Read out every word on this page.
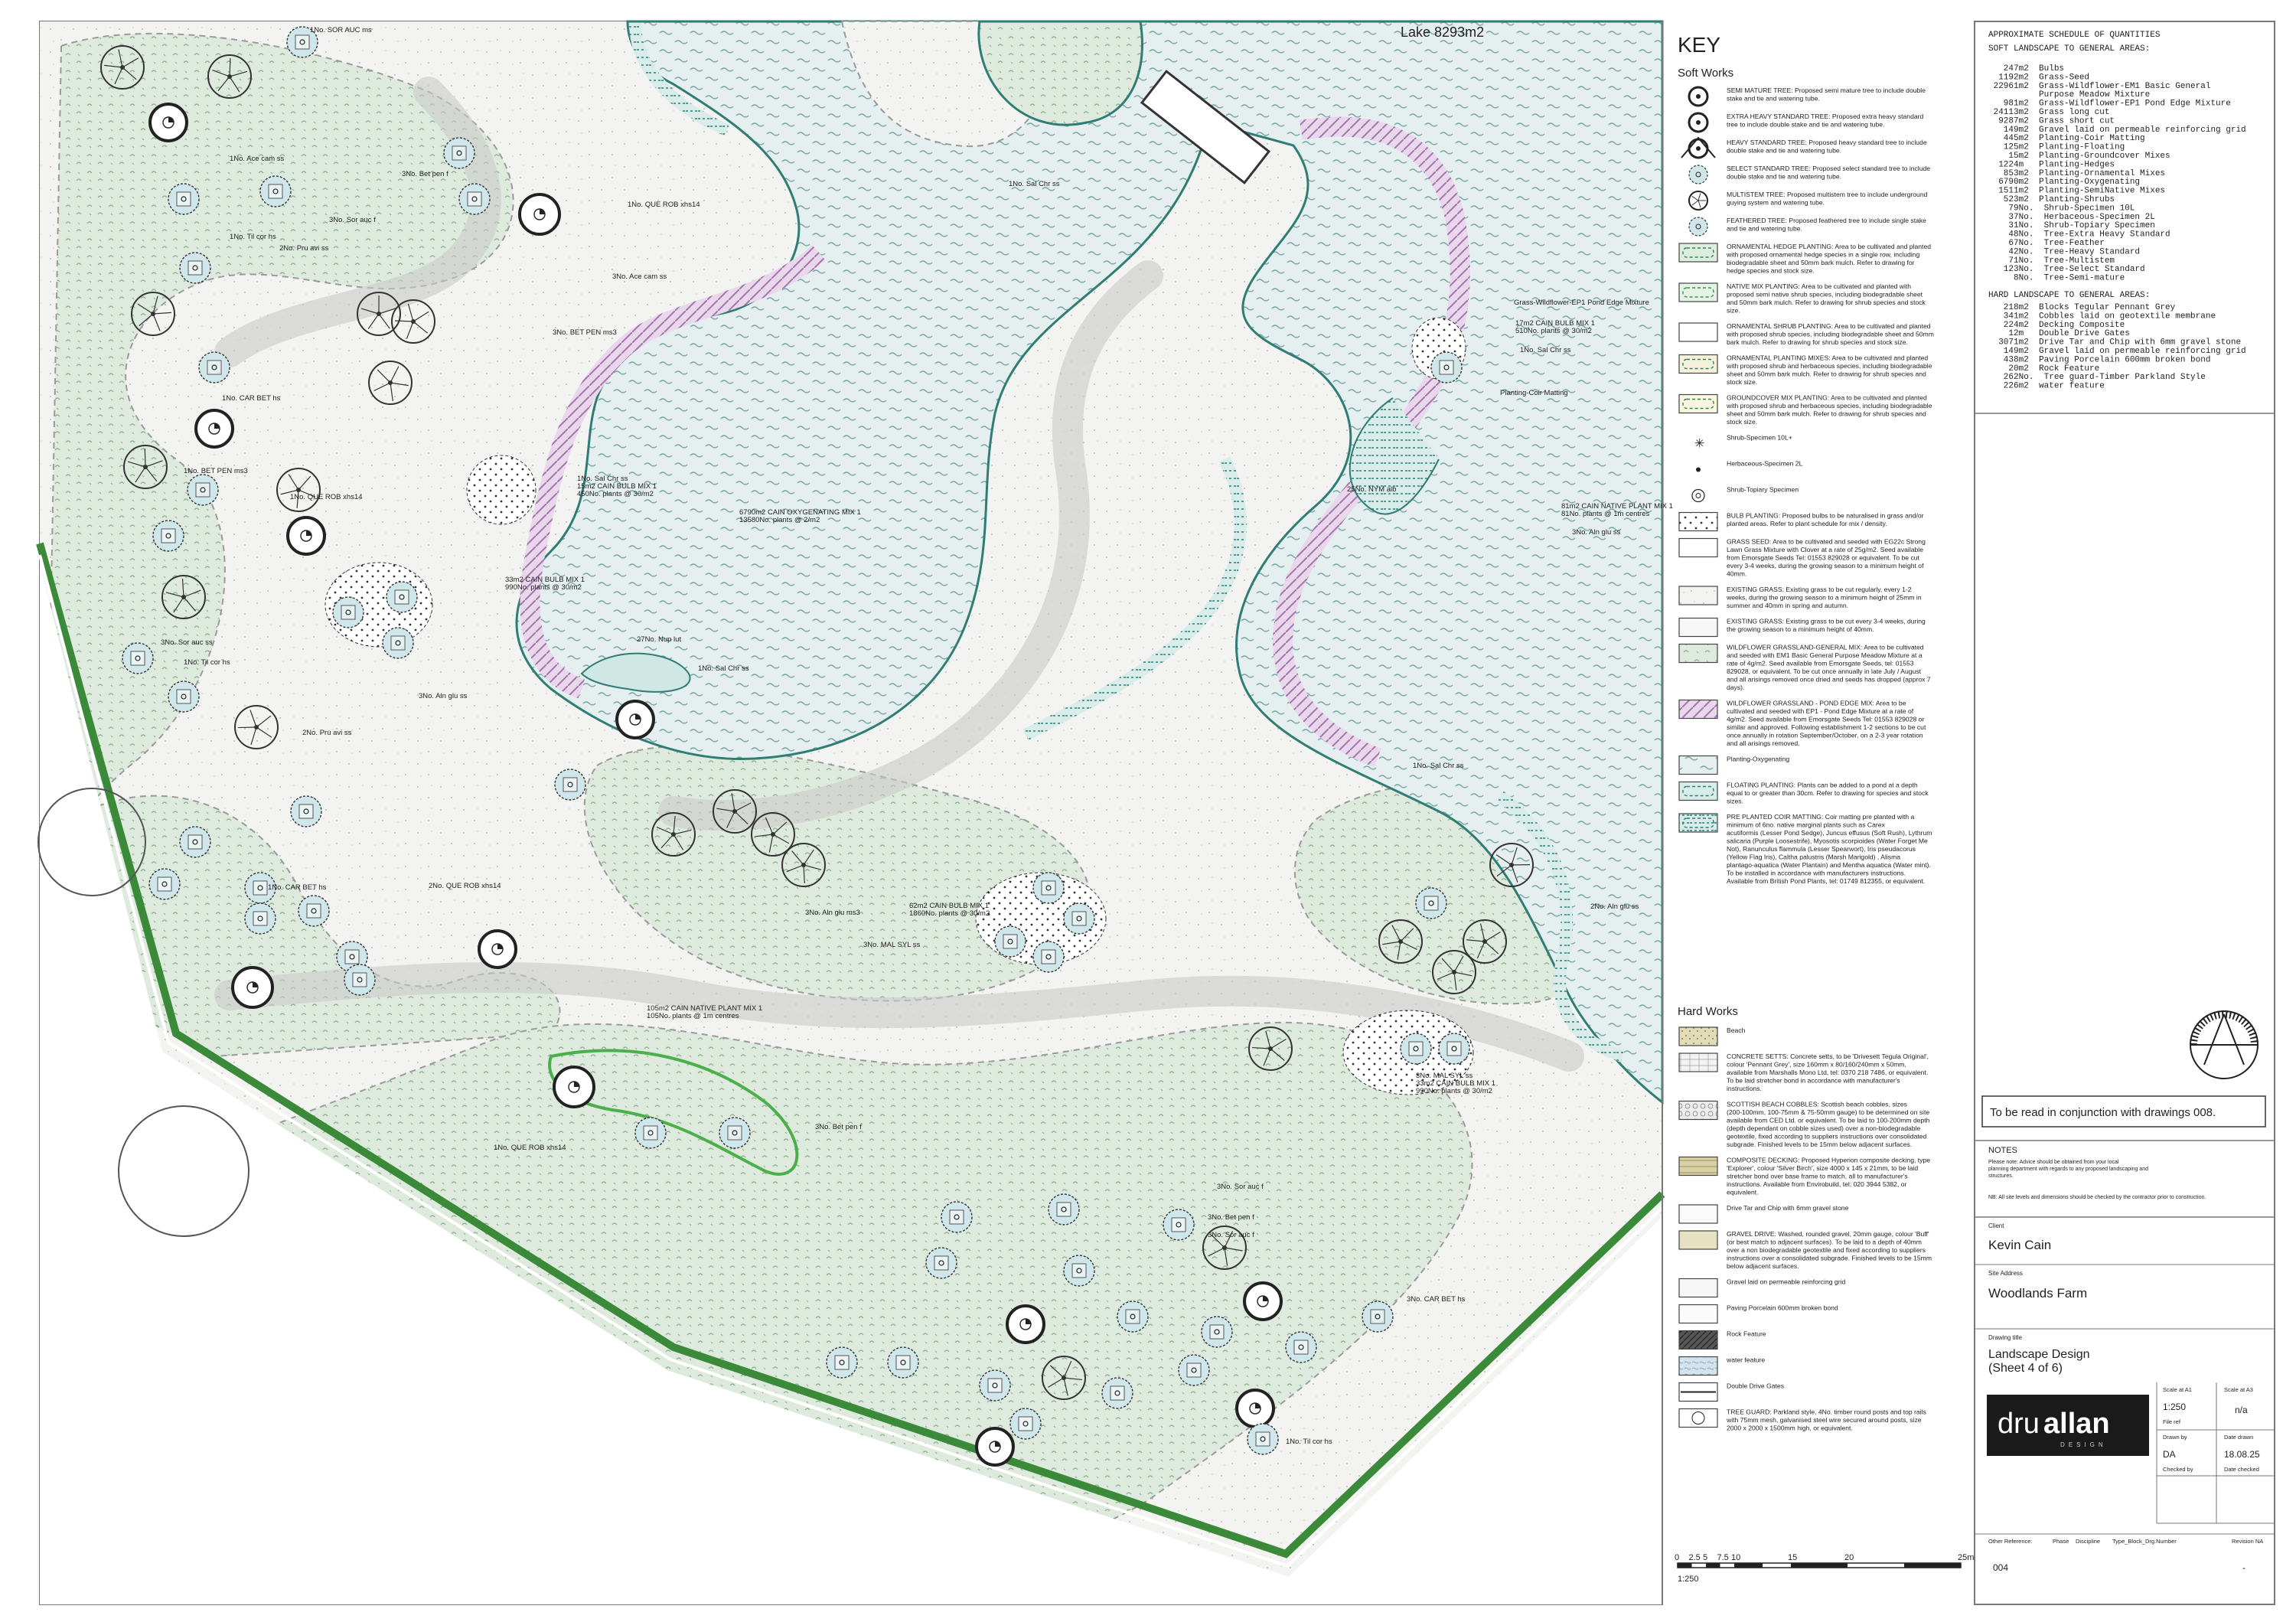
Lake 8293m2
1No. SOR AUC ms
1No. Ace cam ss
3No. Bet pen f
1No. QUE ROB xhs14
3No. Sor auc f
1No. Til cor hs
2No. Pru avi ss
3No. Ace cam ss
3No. BET PEN ms3
1No. CAR BET hs
1No. BET PEN ms3
1No. QUE ROB xhs14
3No. Sor auc ss
1No. Til cor hs
2No. Pru avi ss
1No. CAR BET hs	2No. QUE ROB xhs14
3No. Aln glu ss
1No. Sal Chr ss
15m2 CAIN BULB MIX 1
450No. plants @ 30/m2
33m2 CAIN BULB MIX 1
990No. plants @ 30/m2
27No. Nup lut
1No. Sal Chr ss
6790m2 CAIN OXYGENATING MIX 1
13580No. plants @ 2/m2
3No. Aln glu ms3
62m2 CAIN BULB MIX 1
1860No. plants @ 30/m2
3No. MAL SYL ss
1No. Sal Chr ss
Grass-Wildflower-EP1 Pond Edge Mixture
17m2 CAIN BULB MIX 1
510No. plants @ 30/m2
1No. Sal Chr ss
Planting-Coir Matting
25No. NYM alb
81m2 CAIN NATIVE PLANT MIX 1
81No. plants @ 1m centres
3No. Aln glu ss
1No. Sal Chr ss
2No. Aln glu ss
105m2 CAIN NATIVE PLANT MIX 1
105No. plants @ 1m centres
3No. Bet pen f
1No. QUE ROB xhs14
3No. MAL SYL ss
33m2 CAIN BULB MIX 1
990No. plants @ 30/m2
3No. Sor auc f
3No. Bet pen f
3No. Sor auc f
3No. CAR BET hs
1No. Til cor hs
KEY
Soft Works
SEMI MATURE TREE: Proposed semi mature tree to include double
stake and tie and watering tube.
EXTRA HEAVY STANDARD TREE: Proposed extra heavy standard
tree to include double stake and tie and watering tube.
HEAVY STANDARD TREE: Proposed heavy standard tree to include
double stake and tie and watering tube.
SELECT STANDARD TREE: Proposed select standard tree to include
double stake and tie and watering tube.
MULTISTEM TREE: Proposed multistem tree to include underground
guying system and watering tube.
FEATHERED TREE: Proposed feathered tree to include single stake
and tie and watering tube.
ORNAMENTAL HEDGE PLANTING: Area to be cultivated and planted
with proposed ornamental hedge species in a single row, including
biodegradable sheet and 50mm bark mulch. Refer to drawing for
hedge species and stock size.
NATIVE MIX PLANTING: Area to be cultivated and planted with
proposed semi native shrub species, including biodegradable sheet
and 50mm bark mulch. Refer to drawing for shrub species and stock
size.
ORNAMENTAL SHRUB PLANTING: Area to be cultivated and planted
with proposed shrub species, including biodegradable sheet and 50mm
bark mulch. Refer to drawing for shrub species and stock size.
ORNAMENTAL PLANTING MIXES: Area to be cultivated and planted
with proposed shrub and herbaceous species, including biodegradable
sheet and 50mm bark mulch. Refer to drawing for shrub species and
stock size.
GROUNDCOVER MIX PLANTING: Area to be cultivated and planted
with proposed shrub and herbaceous species, including biodegradable
sheet and 50mm bark mulch. Refer to drawing for shrub species and
stock size.
✳	Shrub-Specimen 10L+
Herbaceous-Specimen 2L
Shrub-Topiary Specimen
BULB PLANTING: Proposed bulbs to be naturalised in grass and/or
planted areas. Refer to plant schedule for mix / density.
GRASS SEED: Area to be cultivated and seeded with EG22c Strong
Lawn Grass Mixture with Clover at a rate of 25g/m2. Seed available
from Emorsgate Seeds Tel: 01553 829028 or equivalent. To be cut
every 3-4 weeks, during the growing season to a minimum height of
40mm.
EXISTING GRASS: Existing grass to be cut regularly, every 1-2
weeks, during the growing season to a minimum height of 25mm in
summer and 40mm in spring and autumn.
EXISTING GRASS: Existing grass to be cut every 3-4 weeks, during
the growing season to a minimum height of 40mm.
WILDFLOWER GRASSLAND-GENERAL MIX: Area to be cultivated
and seeded with EM1 Basic General Purpose Meadow Mixture at a
rate of 4g/m2. Seed available from Emorsgate Seeds, tel: 01553
829028, or equivalent. To be cut once annually in late July / August
and all arisings removed once dried and seeds has dropped (approx 7
days).
WILDFLOWER GRASSLAND - POND EDGE MIX: Area to be
cultivated and seeded with EP1 - Pond Edge Mixture at a rate of
4g/m2. Seed available from Emorsgate Seeds Tel: 01553 829028 or
similar and approved. Following establishment 1-2 sections to be cut
once annually in rotation September/October, on a 2-3 year rotation
and all arisings removed.
Planting-Oxygenating
FLOATING PLANTING: Plants can be added to a pond at a depth
equal to or greater than 30cm. Refer to drawing for species and stock
sizes.
PRE PLANTED COIR MATTING: Coir matting pre planted with a
minimum of 6no. native marginal plants such as Carex
acutiformis (Lesser Pond Sedge), Juncus effusus (Soft Rush), Lythrum
salicaria (Purple Loosestrife), Myosotis scorpioides (Water Forget Me
Not), Ranunculus flammula (Lesser Spearwort), Iris pseudacorus
(Yellow Flag Iris), Caltha palustris (Marsh Marigold) , Alisma
plantago-aquatica (Water Plantain) and Mentha aquatica (Water mint).
To be installed in accordance with manufacturers instructions.
Available from British Pond Plants, tel: 01749 812355, or equivalent.
Hard Works
Beach
CONCRETE SETTS: Concrete setts, to be 'Drivesett Tegula Original',
colour 'Pennant Grey', size 160mm x 80/160/240mm x 50mm,
available from Marshalls Mono Ltd, tel: 0370 218 7486, or equivalent.
To be laid stretcher bond in accordance with manufacturer's
instructions.
SCOTTISH BEACH COBBLES: Scottish beach cobbles, sizes
(200-100mm, 100-75mm & 75-50mm gauge) to be determined on site
available from CED Ltd. or equivalent. To be laid to 100-200mm depth
(depth dependant on cobble sizes used) over a non-biodegradable
geotextile, fixed according to suppliers instructions over consolidated
subgrade. Finished levels to be 15mm below adjacent surfaces.
COMPOSITE DECKING: Proposed Hyperion composite decking, type
'Explorer', colour 'Silver Birch', size 4000 x 145 x 21mm, to be laid
stretcher bond over base frame to match, all to manufacturer's
instructions. Available from Envirobuild, tel: 020 3944 5382, or
equivalent.
Drive Tar and Chip with 6mm gravel stone
GRAVEL DRIVE: Washed, rounded gravel, 20mm gauge, colour 'Buff'
(or best match to adjacent surfaces). To be laid to a depth of 40mm
over a non biodegradable geotextile and fixed according to suppliers
instructions over a consolidated subgrade. Finished levels to be 15mm
below adjacent surfaces.
Gravel laid on permeable reinforcing grid
Paving Porcelain 600mm broken bond
Rock Feature
water feature
Double Drive Gates
TREE GUARD: Parkland style, 4No. timber round posts and top rails
with 75mm mesh, galvanised steel wire secured around posts, size
2000 x 2000 x 1500mm high, or equivalent.
0 2.5 5 7.5 10	15	20	25m
1:250
APPROXIMATE SCHEDULE OF QUANTITIES
SOFT LANDSCAPE TO GENERAL AREAS:
247m2  Bulbs
1192m2  Grass-Seed
22961m2  Grass-Wildflower-EM1 Basic General
Purpose Meadow Mixture
981m2  Grass-Wildflower-EP1 Pond Edge Mixture
24113m2  Grass long cut
9287m2  Grass short cut
149m2  Gravel laid on permeable reinforcing grid
445m2  Planting-Coir Matting
125m2  Planting-Floating
15m2  Planting-Groundcover Mixes
1224m   Planting-Hedges
853m2  Planting-Ornamental Mixes
6790m2  Planting-Oxygenating
1511m2  Planting-SemiNative Mixes
523m2  Planting-Shrubs
79No.  Shrub-Specimen 10L
37No.  Herbaceous-Specimen 2L
31No.  Shrub-Topiary Specimen
48No.  Tree-Extra Heavy Standard
67No.  Tree-Feather
42No.  Tree-Heavy Standard
71No.  Tree-Multistem
123No.  Tree-Select Standard
8No.  Tree-Semi-mature
HARD LANDSCAPE TO GENERAL AREAS:
218m2  Blocks Tegular Pennant Grey
341m2  Cobbles laid on geotextile membrane
224m2  Decking Composite
12m   Double Drive Gates
3071m2  Drive Tar and Chip with 6mm gravel stone
149m2  Gravel laid on permeable reinforcing grid
438m2  Paving Porcelain 600mm broken bond
20m2  Rock Feature
262No.  Tree guard-Timber Parkland Style
226m2  water feature
To be read in conjunction with drawings 008.
NOTES
Please note: Advice should be obtained from your local
planning department with regards to any proposed landscaping and
structures.
NB: All site levels and dimensions should be checked by the contractor prior to construction.
Client
Kevin Cain
Site Address
Woodlands Farm
Drawing title
Landscape Design
(Sheet 4 of 6)
dru allan
DESIGN
Scale at A1
1:250
Scale at A3
n/a
File ref
Drawn by
DA
Date drawn
18.08.25
Checked by	Date checked
Other Reference:	Phase Discipline Type_Block_Drg.Number	Revision NA
004	-
